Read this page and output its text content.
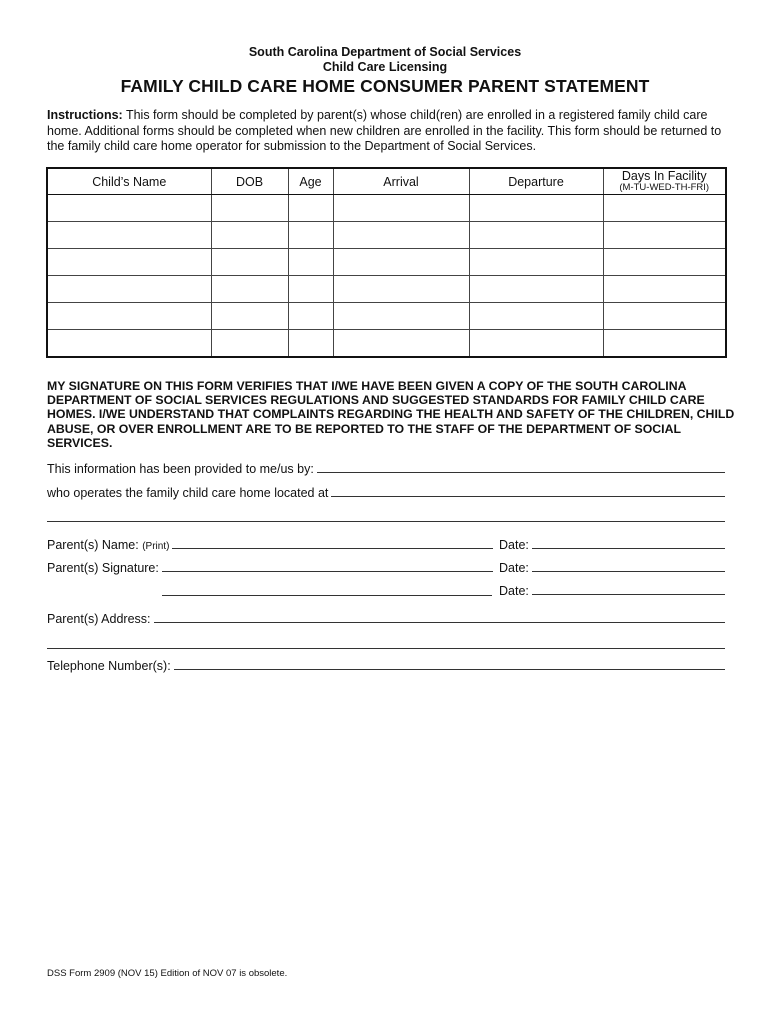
South Carolina Department of Social Services
Child Care Licensing
FAMILY CHILD CARE HOME CONSUMER PARENT STATEMENT
Instructions: This form should be completed by parent(s) whose child(ren) are enrolled in a registered family child care home. Additional forms should be completed when new children are enrolled in the facility. This form should be returned to the family child care home operator for submission to the Department of Social Services.
Child’s Name	DOB	Age	Arrival	Departure	Days In Facility
(M-TU-WED-TH-FRI)

MY SIGNATURE ON THIS FORM VERIFIES THAT I/WE HAVE BEEN GIVEN A COPY OF THE SOUTH CAROLINA DEPARTMENT OF SOCIAL SERVICES REGULATIONS AND SUGGESTED STANDARDS FOR FAMILY CHILD CARE HOMES. I/WE UNDERSTAND THAT COMPLAINTS REGARDING THE HEALTH AND SAFETY OF THE CHILDREN, CHILD ABUSE, OR OVER ENROLLMENT ARE TO BE REPORTED TO THE STAFF OF THE DEPARTMENT OF SOCIAL SERVICES.
This information has been provided to me/us by:
who operates the family child care home located at
Parent(s) Name: (Print)	Date:
Parent(s) Signature:	Date:
Date:
Parent(s) Address:
Telephone Number(s):
DSS Form 2909 (NOV 15) Edition of NOV 07 is obsolete.
